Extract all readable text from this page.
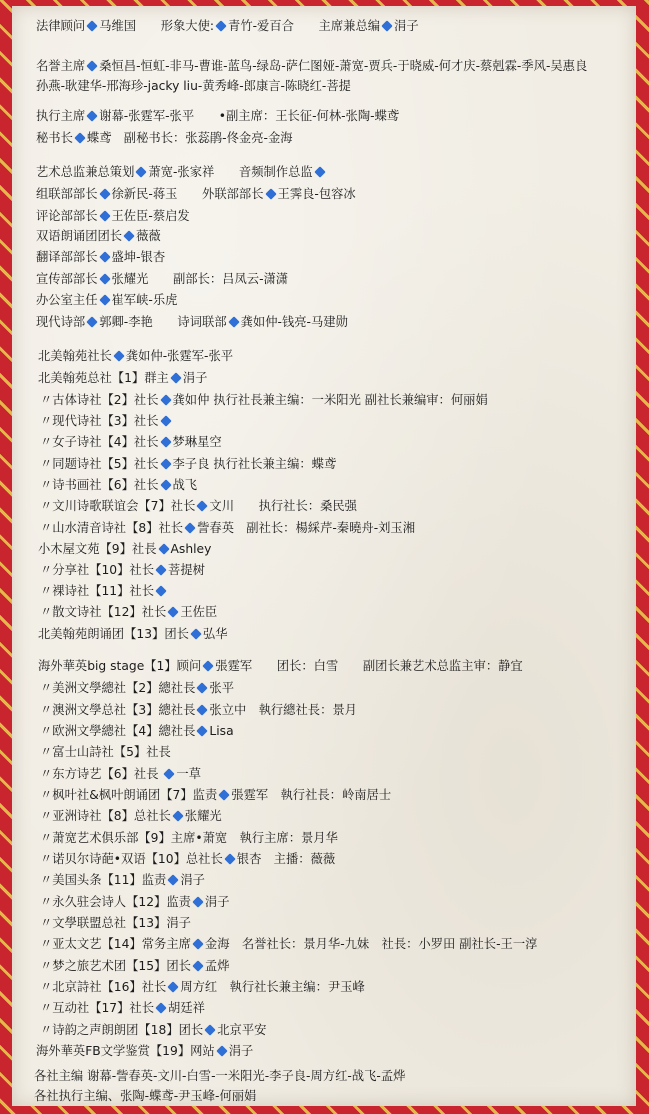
法律顾问 马维国　　形象大使: 青竹-爱百合　　主席兼总编 涓子
名誉主席 桑恒昌-恒虹-非马-曹谁-蓝鸟-绿岛-萨仁图娅-萧宽-贾兵-于晓威-何才庆-蔡剋霖-季风-吴惠良
孙燕-耿建华-邢海珍-jacky liu-黄秀峰-郎康言-陈晓红-菩提
执行主席 谢幕-张霆军-张平　　•副主席：王长征-何林-张陶-蝶鸢
秘书长 蝶鸢　副秘书长：张蕊鹃-佟金亮-金海
艺术总监兼总策划 萧宽-张家祥　　音频制作总监
组联部部长 徐新民-蒋玉　　外联部部长 王霁良-包容冰
评论部部长 王佐臣-蔡启发
双语朗诵团团长 薇薇
翻译部部长 盛坤-银杏
宣传部部长 张耀光　　副部长：吕凤云-潇潇
办公室主任 崔军峡-乐虎
现代诗部 郭卿-李艳　　诗词联部 龚如仲-钱亮-马建勋
北美翰苑社长 龚如仲-张霆军-张平
北美翰苑总社【1】群主 涓子
〃古体诗社【2】社长 龚如仲 执行社長兼主编：一米阳光 副社长兼编审：何丽娟
〃现代诗社【3】社长
〃女子诗社【4】社长 梦琳星空
〃同题诗社【5】社长 李子良 执行社长兼主编：蝶鸢
〃诗书画社【6】社长 战飞
〃文川诗歌联谊会【7】社长 文川　　执行社长：桑民强
〃山水清音诗社【8】社长 訾春英　副社长：楊綵芹-秦曉舟-刘玉湘
小木屋文苑【9】社長 Ashley
〃分享社【10】社长 菩提树
〃裸诗社【11】社长
〃散文诗社【12】社长 王佐臣
北美翰苑朗诵团【13】团长 弘华
海外華英big stage【1】顾问 張霆军　　团长：白雪　　副团长兼艺术总监主审：静宜
〃美洲文學總社【2】總社長 张平
〃澳洲文學总社【3】總社長 张立中　執行總社長：景月
〃欧洲文學總社【4】總社長 Lisa
〃富士山詩社【5】社長
〃东方诗艺【6】社長 一草
〃枫叶社&枫叶朗诵团【7】监责 張霆军　執行社長：岭南居士
〃亚洲诗社【8】总社长 张耀光
〃萧宽艺术俱乐部【9】主席•萧宽　執行主席：景月华
〃诺贝尔诗葩•双语【10】总社长 银杏　主播：薇薇
〃美国头条【11】监责 涓子
〃永久驻会诗人【12】监责 涓子
〃文學联盟总社【13】涓子
〃亚太文艺【14】常务主席 金海　名誉社长：景月华-九妹　社長：小罗田 副社长-王一淳
〃梦之旅艺术团【15】团长 孟烨
〃北京詩社【16】社长 周方红　執行社长兼主编：尹玉峰
〃互动社【17】社长 胡廷祥
〃诗韵之声朗朗团【18】团长 北京平安
海外華英FB文学鉴赏【19】网站 涓子
各社主编 谢幕-訾春英-文川-白雪-一米阳光-李子良-周方红-战飞-孟烨
各社执行主编、张陶-蝶鸢-尹玉峰-何丽娟
